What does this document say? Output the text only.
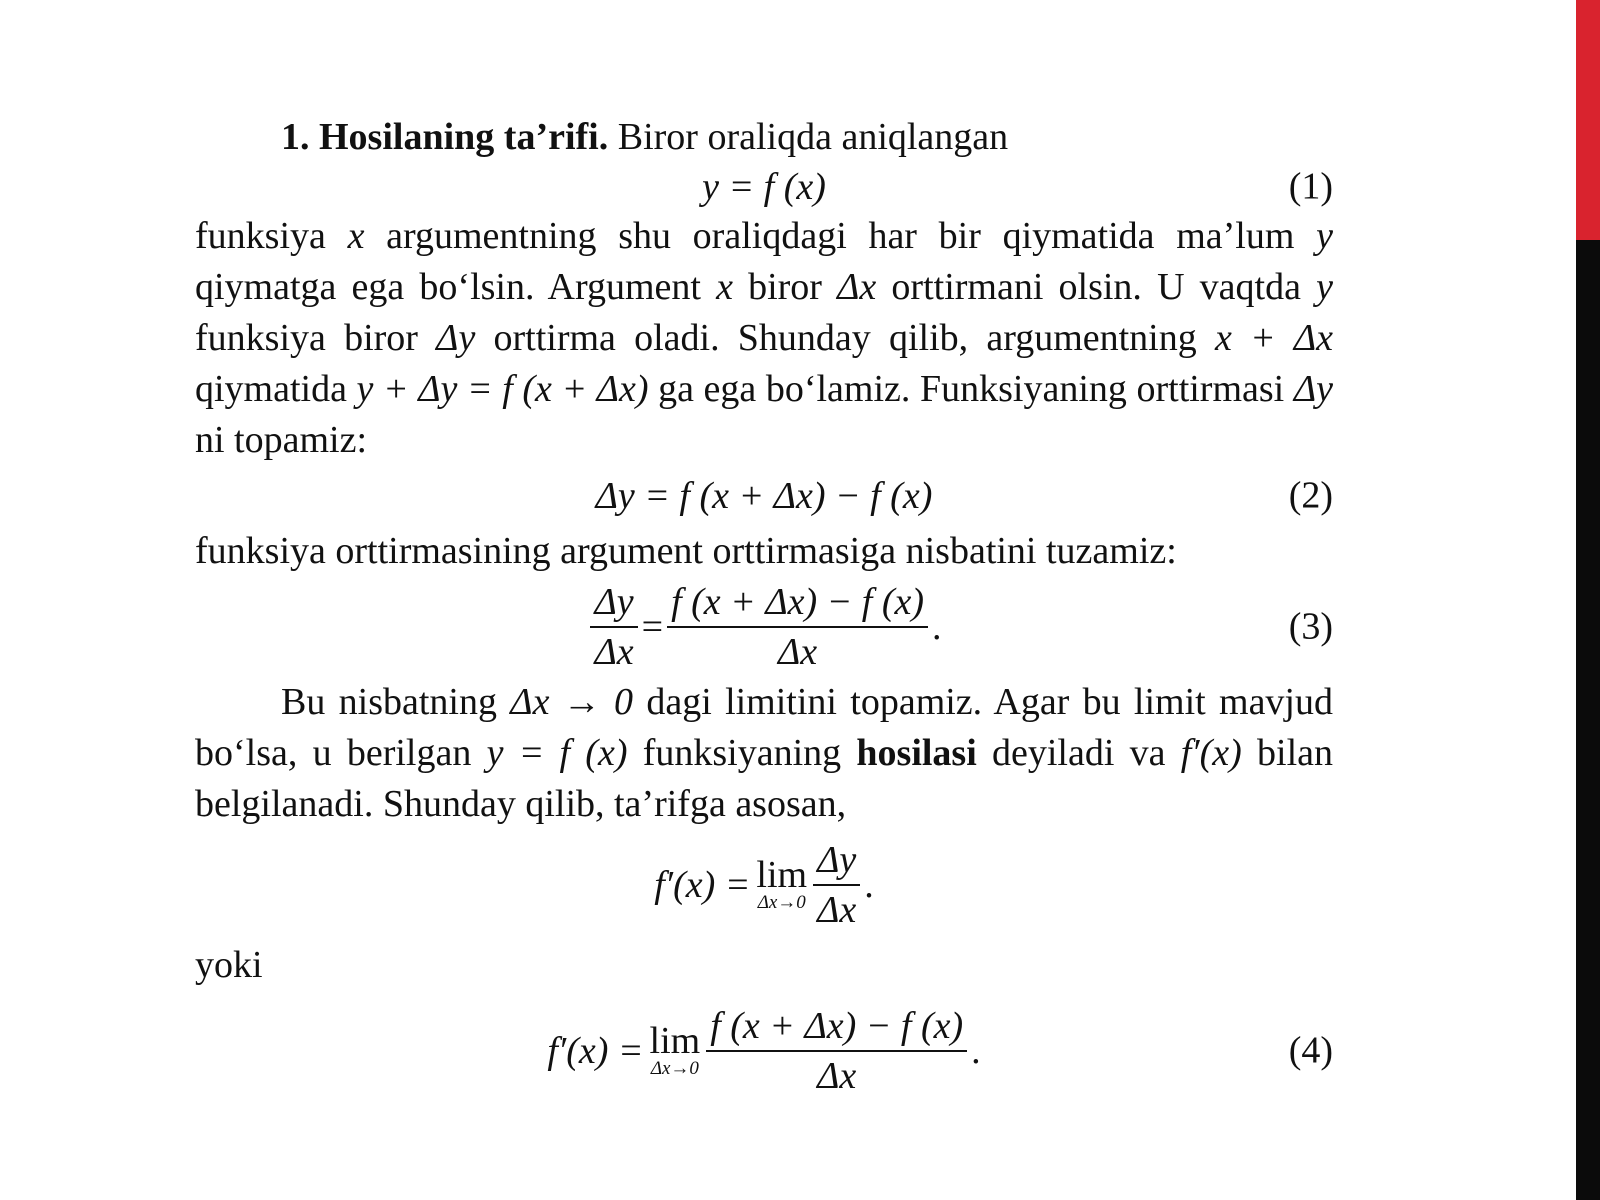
1. Hosilaning ta’rifi. Biror oraliqda aniqlangan

y = f (x)	(1)

funksiya x argumentning shu oraliqdagi har bir qiymatida ma’lum y qiymatga ega bo‘lsin. Argument x biror Δx orttirmani olsin. U vaqtda y funksiya biror Δy orttirma oladi. Shunday qilib, argumentning x + Δx qiymatida y + Δy = f (x + Δx) ga ega bo‘lamiz. Funksiyaning orttirmasi Δy ni topamiz:

Δy = f (x + Δx) − f (x)	(2)

funksiya orttirmasining argument orttirmasiga nisbatini tuzamiz:

$\frac{\Delta y}{\Delta x} = \frac{f (x + \Delta x) - f (x)}{\Delta x}$ .	(3)

Bu nisbatning Δx → 0 dagi limitini topamiz. Agar bu limit mavjud bo‘lsa, u berilgan y = f (x) funksiyaning hosilasi deyiladi va f′(x) bilan belgilanadi. Shunday qilib, ta’rifga asosan,

f′(x) = lim
$\Delta x\to 0 \frac{\Delta y}{\Delta x}$ .

yoki

f′(x) = lim
$\Delta x\to 0 \frac{f (x + \Delta x) - f (x)}{\Delta x}$ .	(4)
